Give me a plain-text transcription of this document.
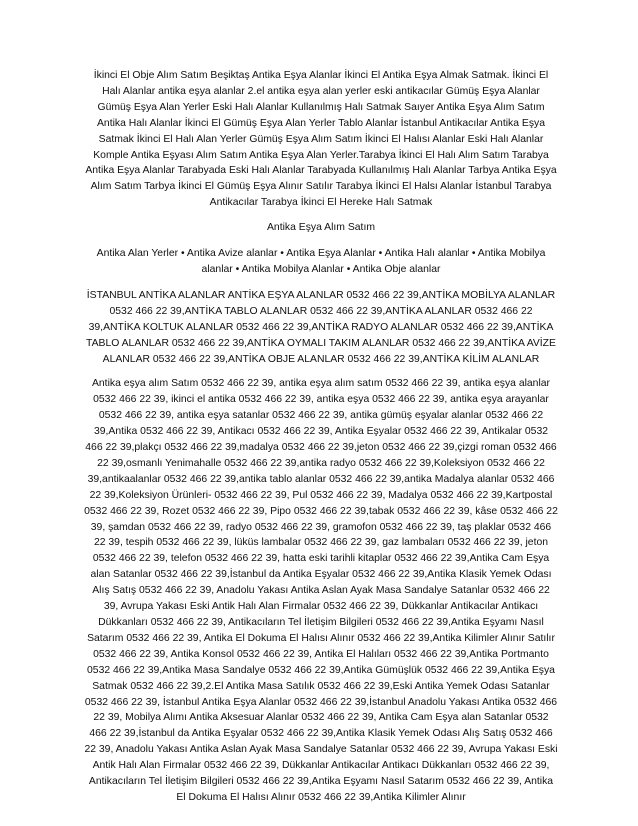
İkinci El Obje Alım Satım Beşiktaş Antika Eşya Alanlar İkinci El Antika Eşya Almak Satmak. İkinci El Halı Alanlar antika eşya alanlar 2.el antika eşya alan yerler eski antikacılar Gümüş Eşya Alanlar Gümüş Eşya Alan Yerler Eski Halı Alanlar Kullanılmış Halı Satmak Saıyer Antika Eşya Alım Satım Antika Halı Alanlar İkinci El Gümüş Eşya Alan Yerler Tablo Alanlar İstanbul Antikacılar Antika Eşya Satmak İkinci El Halı Alan Yerler Gümüş Eşya Alım Satım İkinci El Halısı Alanlar Eski Halı Alanlar Komple Antika Eşyası Alım Satım Antika Eşya Alan Yerler.Tarabya İkinci El Halı Alım Satım Tarabya Antika Eşya Alanlar Tarabyada Eski Halı Alanlar Tarabyada Kullanılmış Halı Alanlar Tarbya Antika Eşya Alım Satım Tarbya İkinci El Gümüş Eşya Alınır Satılır Tarabya İkinci El Halsı Alanlar İstanbul Tarabya Antikacılar Tarabya İkinci El Hereke Halı Satmak

Antika Eşya Alım Satım

Antika Alan Yerler • Antika Avize alanlar • Antika Eşya Alanlar • Antika Halı alanlar • Antika Mobilya alanlar • Antika Mobilya Alanlar • Antika Obje alanlar

İSTANBUL ANTİKA ALANLAR ANTİKA EŞYA ALANLAR 0532 466 22 39,ANTİKA MOBİLYA ALANLAR 0532 466 22 39,ANTİKA TABLO ALANLAR 0532 466 22 39,ANTİKA ALANLAR 0532 466 22 39,ANTİKA KOLTUK ALANLAR 0532 466 22 39,ANTİKA RADYO ALANLAR 0532 466 22 39,ANTİKA TABLO ALANLAR 0532 466 22 39,ANTİKA OYMALI TAKIM ALANLAR 0532 466 22 39,ANTİKA AVİZE ALANLAR 0532 466 22 39,ANTİKA OBJE ALANLAR 0532 466 22 39,ANTİKA KİLİM ALANLAR

Antika eşya alım Satım 0532 466 22 39, antika eşya alım satım 0532 466 22 39, antika eşya alanlar 0532 466 22 39, ikinci el antika 0532 466 22 39, antika eşya 0532 466 22 39, antika eşya arayanlar 0532 466 22 39, antika eşya satanlar 0532 466 22 39, antika gümüş eşyalar alanlar 0532 466 22 39,Antika 0532 466 22 39, Antikacı 0532 466 22 39, Antika Eşyalar 0532 466 22 39, Antikalar 0532 466 22 39,plakçı 0532 466 22 39,madalya 0532 466 22 39,jeton 0532 466 22 39,çizgi roman 0532 466 22 39,osmanlı Yenimahalle 0532 466 22 39,antika radyo 0532 466 22 39,Koleksiyon 0532 466 22 39,antikaalanlar 0532 466 22 39,antika tablo alanlar 0532 466 22 39,antika Madalya alanlar 0532 466 22 39,Koleksiyon Ürünleri- 0532 466 22 39, Pul 0532 466 22 39, Madalya 0532 466 22 39,Kartpostal 0532 466 22 39, Rozet 0532 466 22 39, Pipo 0532 466 22 39,tabak 0532 466 22 39, kâse 0532 466 22 39, şamdan 0532 466 22 39, radyo 0532 466 22 39, gramofon 0532 466 22 39, taş plaklar 0532 466 22 39, tespih 0532 466 22 39, lüküs lambalar 0532 466 22 39, gaz lambaları 0532 466 22 39, jeton 0532 466 22 39, telefon 0532 466 22 39, hatta eski tarihli kitaplar 0532 466 22 39,Antika Cam Eşya alan Satanlar 0532 466 22 39,İstanbul da Antika Eşyalar 0532 466 22 39,Antika Klasik Yemek Odası Alış Satış 0532 466 22 39, Anadolu Yakası Antika Aslan Ayak Masa Sandalye Satanlar 0532 466 22 39, Avrupa Yakası Eski Antik Halı Alan Firmalar 0532 466 22 39, Dükkanlar Antikacılar Antikacı Dükkanları 0532 466 22 39, Antikacıların Tel İletişim Bilgileri 0532 466 22 39,Antika Eşyamı Nasıl Satarım 0532 466 22 39, Antika El Dokuma El Halısı Alınır 0532 466 22 39,Antika Kilimler Alınır Satılır 0532 466 22 39, Antika Konsol 0532 466 22 39, Antika El Halıları 0532 466 22 39,Antika Portmanto 0532 466 22 39,Antika Masa Sandalye 0532 466 22 39,Antika Gümüşlük 0532 466 22 39,Antika Eşya Satmak 0532 466 22 39,2.El Antika Masa Satılık 0532 466 22 39,Eski Antika Yemek Odası Satanlar 0532 466 22 39, İstanbul Antika Eşya Alanlar 0532 466 22 39,İstanbul Anadolu Yakası Antika 0532 466 22 39, Mobilya Alımı Antika Aksesuar Alanlar 0532 466 22 39, Antika Cam Eşya alan Satanlar 0532 466 22 39,İstanbul da Antika Eşyalar 0532 466 22 39,Antika Klasik Yemek Odası Alış Satış 0532 466 22 39, Anadolu Yakası Antika Aslan Ayak Masa Sandalye Satanlar 0532 466 22 39, Avrupa Yakası Eski Antik Halı Alan Firmalar 0532 466 22 39, Dükkanlar Antikacılar Antikacı Dükkanları 0532 466 22 39, Antikacıların Tel İletişim Bilgileri 0532 466 22 39,Antika Eşyamı Nasıl Satarım 0532 466 22 39, Antika El Dokuma El Halısı Alınır 0532 466 22 39,Antika Kilimler Alınır
